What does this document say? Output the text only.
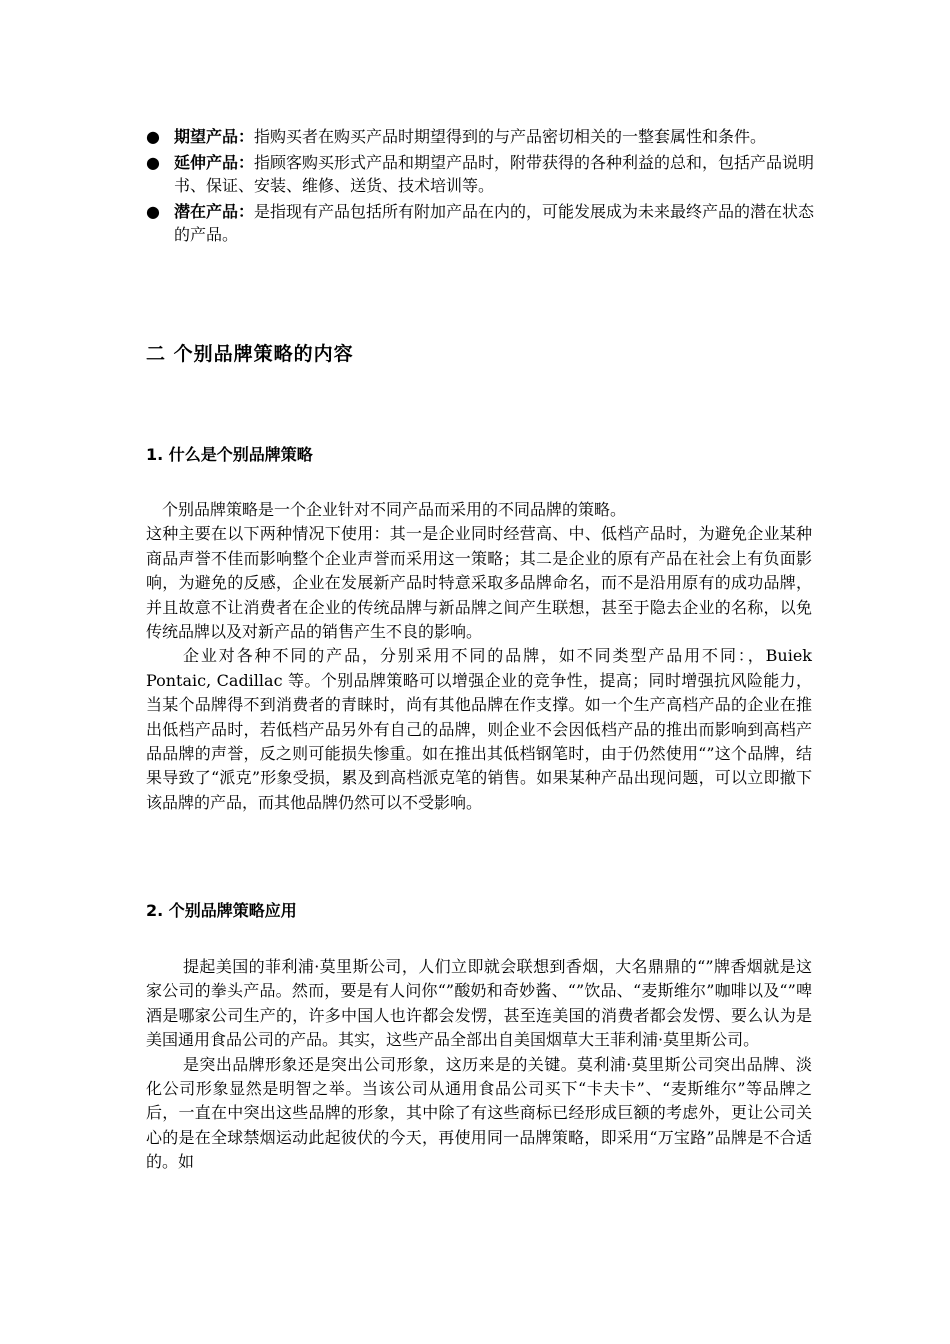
● 期望产品：指购买者在购买产品时期望得到的与产品密切相关的一整套属性和条件。
● 延伸产品：指顾客购买形式产品和期望产品时，附带获得的各种利益的总和，包括产品说明书、保证、安装、维修、送货、技术培训等。
● 潜在产品：是指现有产品包括所有附加产品在内的，可能发展成为未来最终产品的潜在状态的产品。
二 个别品牌策略的内容
1. 什么是个别品牌策略

个别品牌策略是一个企业针对不同产品而采用的不同品牌的策略。

这种主要在以下两种情况下使用：其一是企业同时经营高、中、低档产品时，为避免企业某种商品声誉不佳而影响整个企业声誉而采用这一策略；其二是企业的原有产品在社会上有负面影响，为避免的反感，企业在发展新产品时特意采取多品牌命名，而不是沿用原有的成功品牌，并且故意不让消费者在企业的传统品牌与新品牌之间产生联想，甚至于隐去企业的名称，以免传统品牌以及对新产品的销售产生不良的影响。

企业对各种不同的产品，分别采用不同的品牌，如不同类型产品用不同：，Buiek Pontaic, Cadillac 等。个别品牌策略可以增强企业的竞争性，提高；同时增强抗风险能力，当某个品牌得不到消费者的青睐时，尚有其他品牌在作支撑。如一个生产高档产品的企业在推出低档产品时，若低档产品另外有自己的品牌，则企业不会因低档产品的推出而影响到高档产品品牌的声誉，反之则可能损失惨重。如在推出其低档钢笔时，由于仍然使用“”这个品牌，结果导致了“派克”形象受损，累及到高档派克笔的销售。如果某种产品出现问题，可以立即撤下该品牌的产品，而其他品牌仍然可以不受影响。

2. 个别品牌策略应用

提起美国的菲利浦·莫里斯公司，人们立即就会联想到香烟，大名鼎鼎的“”牌香烟就是这家公司的拳头产品。然而，要是有人问你“”酸奶和奇妙酱、“”饮品、“麦斯维尔”咖啡以及“”啤酒是哪家公司生产的，许多中国人也许都会发愣，甚至连美国的消费者都会发愣、要么认为是美国通用食品公司的产品。其实，这些产品全部出自美国烟草大王菲利浦·莫里斯公司。

是突出品牌形象还是突出公司形象，这历来是的关键。莫利浦·莫里斯公司突出品牌、淡化公司形象显然是明智之举。当该公司从通用食品公司买下“卡夫卡”、“麦斯维尔”等品牌之后，一直在中突出这些品牌的形象，其中除了有这些商标已经形成巨额的考虑外，更让公司关心的是在全球禁烟运动此起彼伏的今天，再使用同一品牌策略，即采用“万宝路”品牌是不合适的。如
